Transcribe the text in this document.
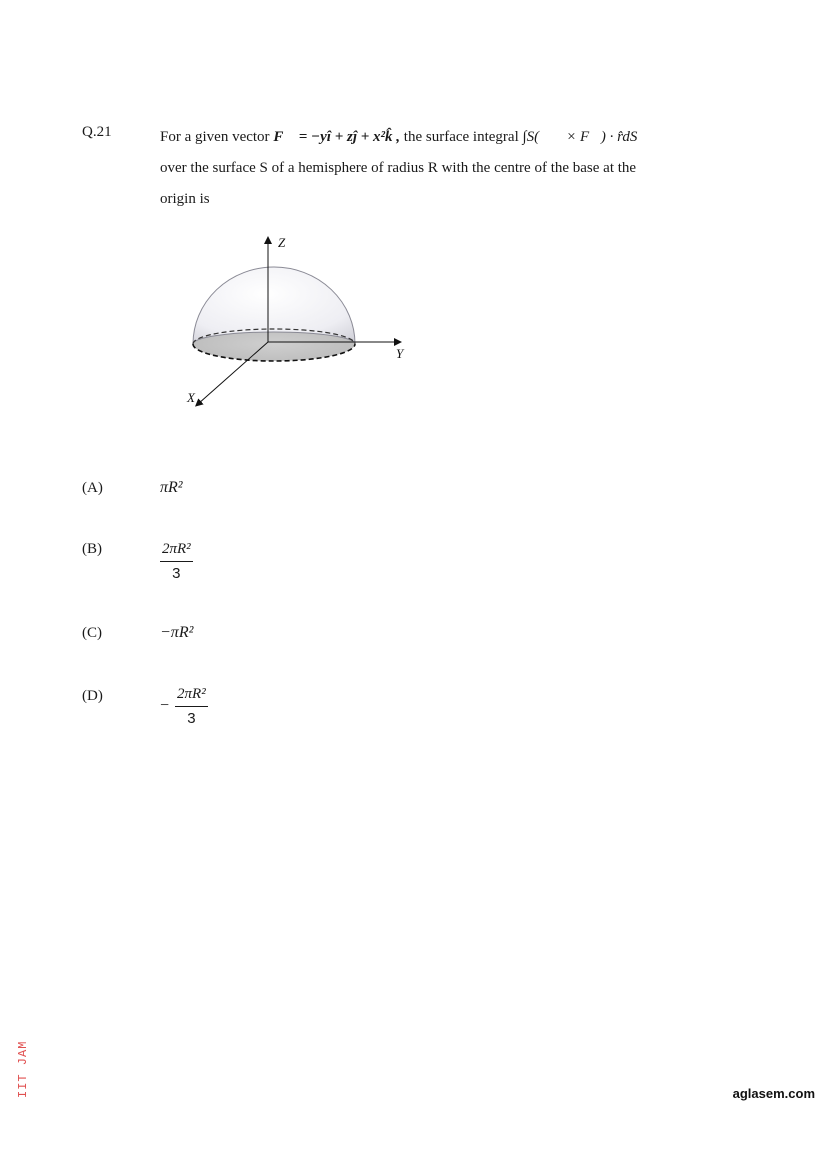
Q.21	For a given vector F⃗ = −yî + zĵ + x²k̂ , the surface integral ∫S(∇⃗ × F⃗) · r̂dS
over the surface S of a hemisphere of radius R with the centre of the base at the
origin is
Z
Y
X
(A)	πR²
(B)	$\frac{\text{2πR²}}{3}$
(C)	−πR²
(D)
− $\frac{\text{2πR²}}{3}$
IIT JAM	aglasem.com
